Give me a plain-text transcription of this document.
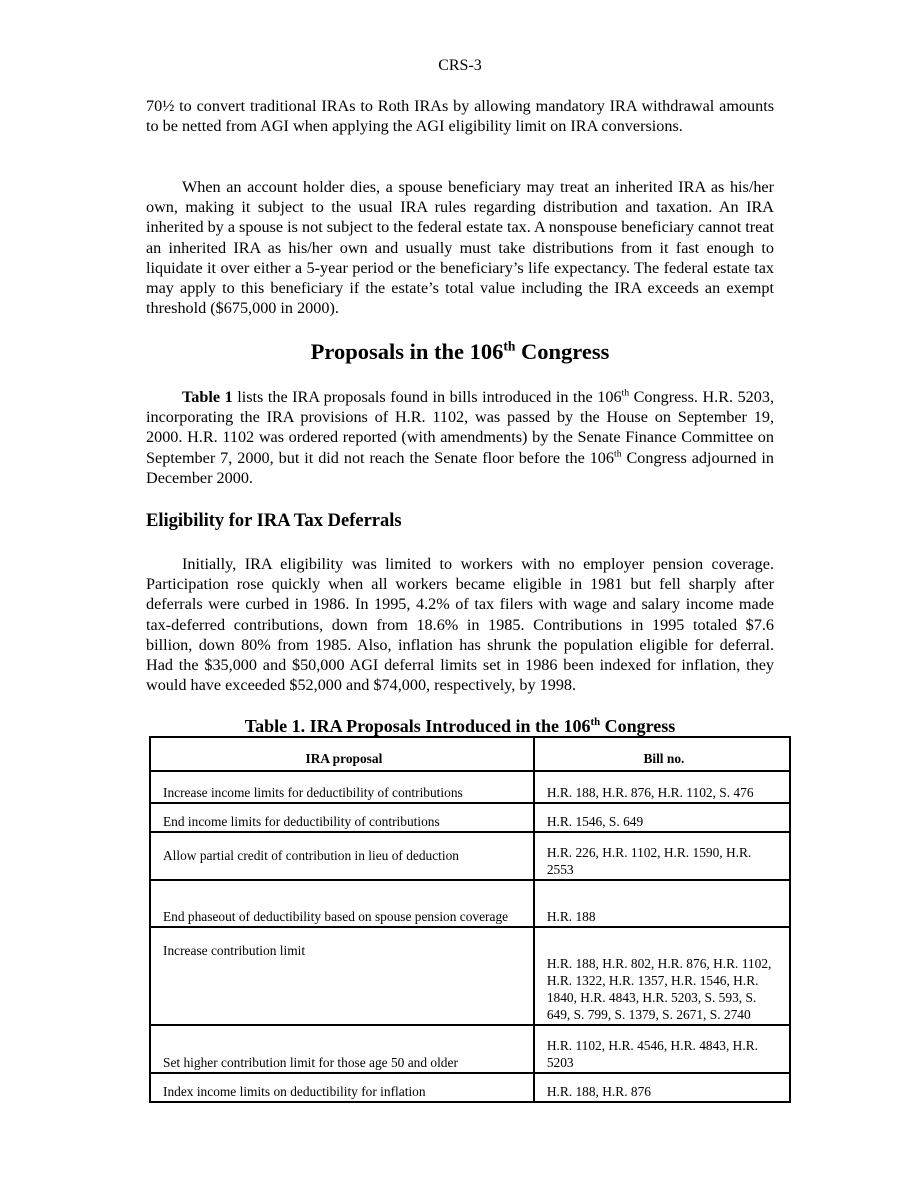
CRS-3
70½ to convert traditional IRAs to Roth IRAs by allowing mandatory IRA withdrawal amounts to be netted from AGI when applying the AGI eligibility limit on IRA conversions.
When an account holder dies, a spouse beneficiary may treat an inherited IRA as his/her own, making it subject to the usual IRA rules regarding distribution and taxation. An IRA inherited by a spouse is not subject to the federal estate tax. A nonspouse beneficiary cannot treat an inherited IRA as his/her own and usually must take distributions from it fast enough to liquidate it over either a 5-year period or the beneficiary’s life expectancy. The federal estate tax may apply to this beneficiary if the estate’s total value including the IRA exceeds an exempt threshold ($675,000 in 2000).
Proposals in the 106th Congress
Table 1 lists the IRA proposals found in bills introduced in the 106th Congress. H.R. 5203, incorporating the IRA provisions of H.R. 1102, was passed by the House on September 19, 2000. H.R. 1102 was ordered reported (with amendments) by the Senate Finance Committee on September 7, 2000, but it did not reach the Senate floor before the 106th Congress adjourned in December 2000.
Eligibility for IRA Tax Deferrals
Initially, IRA eligibility was limited to workers with no employer pension coverage. Participation rose quickly when all workers became eligible in 1981 but fell sharply after deferrals were curbed in 1986. In 1995, 4.2% of tax filers with wage and salary income made tax-deferred contributions, down from 18.6% in 1985. Contributions in 1995 totaled $7.6 billion, down 80% from 1985. Also, inflation has shrunk the population eligible for deferral. Had the $35,000 and $50,000 AGI deferral limits set in 1986 been indexed for inflation, they would have exceeded $52,000 and $74,000, respectively, by 1998.
Table 1. IRA Proposals Introduced in the 106th Congress
IRA proposal	Bill no.
Increase income limits for deductibility of contributions	H.R. 188, H.R. 876, H.R. 1102, S. 476
End income limits for deductibility of contributions	H.R. 1546, S. 649
Allow partial credit of contribution in lieu of deduction	H.R. 226, H.R. 1102, H.R. 1590, H.R. 2553
End phaseout of deductibility based on spouse pension coverage	H.R. 188
Increase contribution limit	H.R. 188, H.R. 802, H.R. 876, H.R. 1102, H.R. 1322, H.R. 1357, H.R. 1546, H.R. 1840, H.R. 4843, H.R. 5203, S. 593, S. 649, S. 799, S. 1379, S. 2671, S. 2740
Set higher contribution limit for those age 50 and older	H.R. 1102, H.R. 4546, H.R. 4843, H.R. 5203
Index income limits on deductibility for inflation	H.R. 188, H.R. 876
